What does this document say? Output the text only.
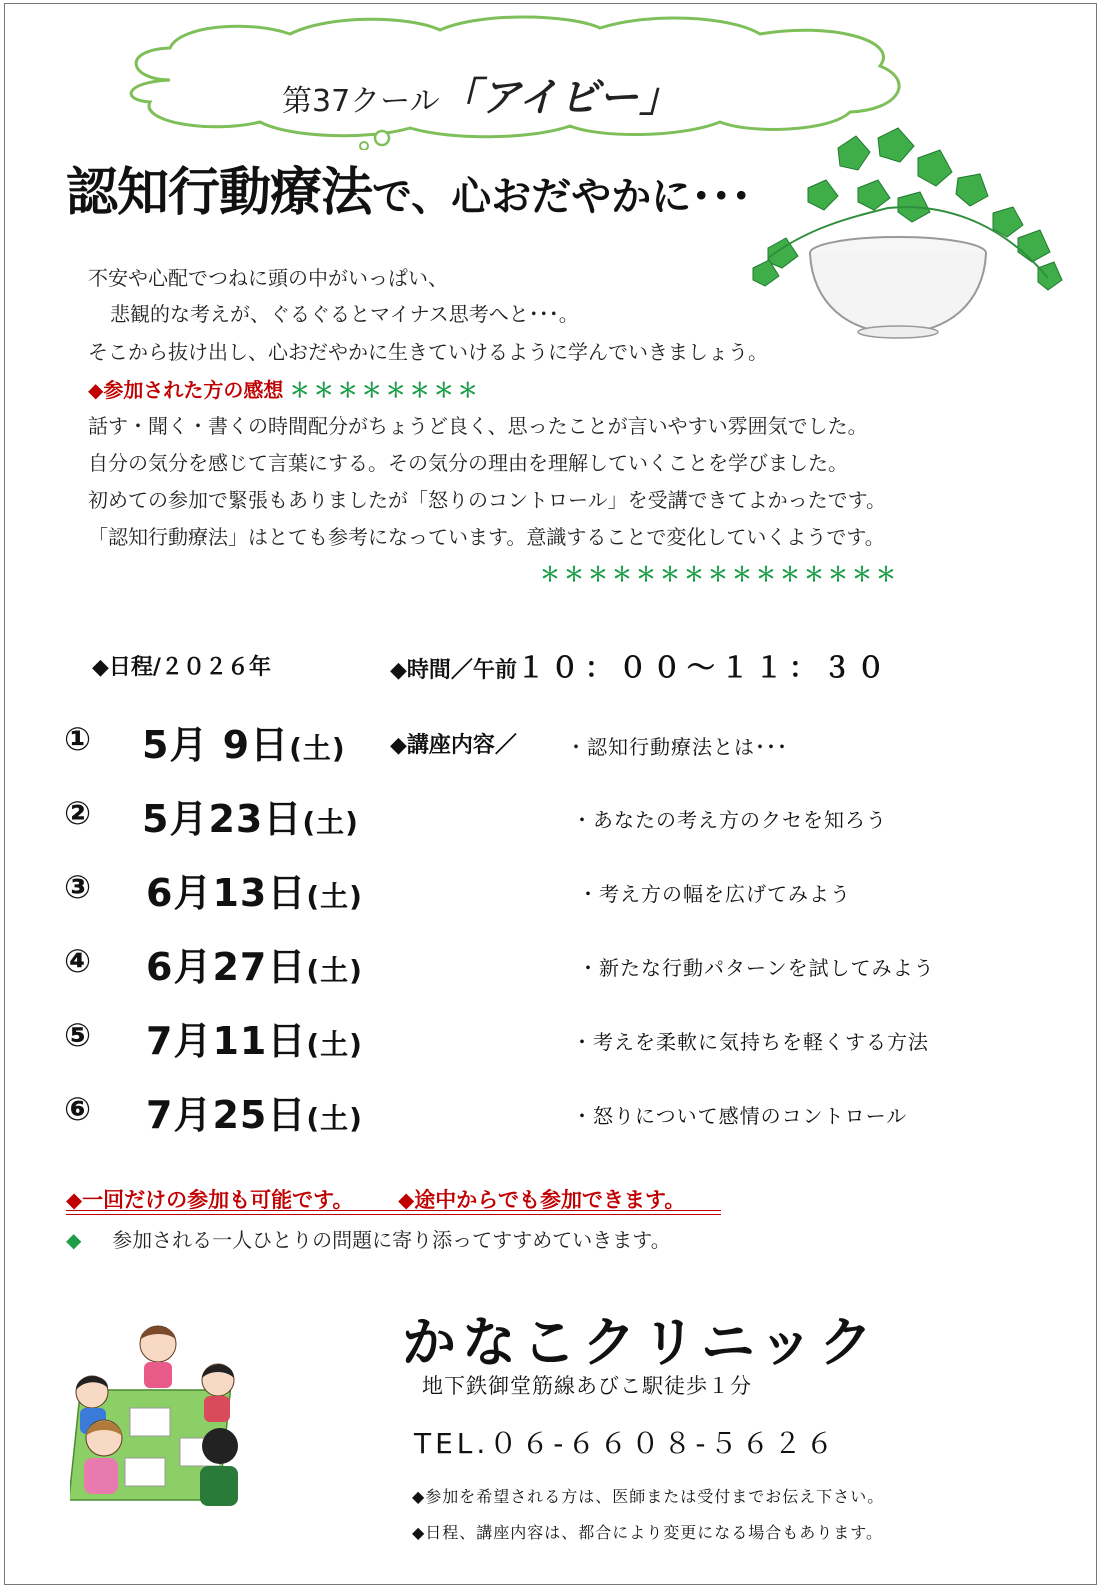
第37クール「アイビー」
認知行動療法で、心おだやかに･･･
不安や心配でつねに頭の中がいっぱい、
悲観的な考えが、ぐるぐるとマイナス思考へと･･･。
そこから抜け出し、心おだやかに生きていけるように学んでいきましょう。
◆参加された方の感想 ＊＊＊＊＊＊＊＊
話す・聞く・書くの時間配分がちょうど良く、思ったことが言いやすい雰囲気でした。
自分の気分を感じて言葉にする。その気分の理由を理解していくことを学びました。
初めての参加で緊張もありましたが「怒りのコントロール」を受講できてよかったです。
「認知行動療法」はとても参考になっています。意識することで変化していくようです。
＊＊＊＊＊＊＊＊＊＊＊＊＊＊＊
◆日程/２０２６年	◆時間／午前１０：００～１１：３０
① 5月 9日(土) ◆講座内容／ ・認知行動療法とは･･･
② 5月23日(土)	・あなたの考え方のクセを知ろう
③ 6月13日(土)	・考え方の幅を広げてみよう
④ 6月27日(土)	・新たな行動パターンを試してみよう
⑤ 7月11日(土)	・考えを柔軟に気持ちを軽くする方法
⑥ 7月25日(土)	・怒りについて感情のコントロール
◆一回だけの参加も可能です。 ◆途中からでも参加できます。
◆ 参加される一人ひとりの問題に寄り添ってすすめていきます。
かなこクリニック
地下鉄御堂筋線あびこ駅徒歩１分
TEL.０６-６６０８-５６２６
◆参加を希望される方は、医師または受付までお伝え下さい。
◆日程、講座内容は、都合により変更になる場合もあります。
